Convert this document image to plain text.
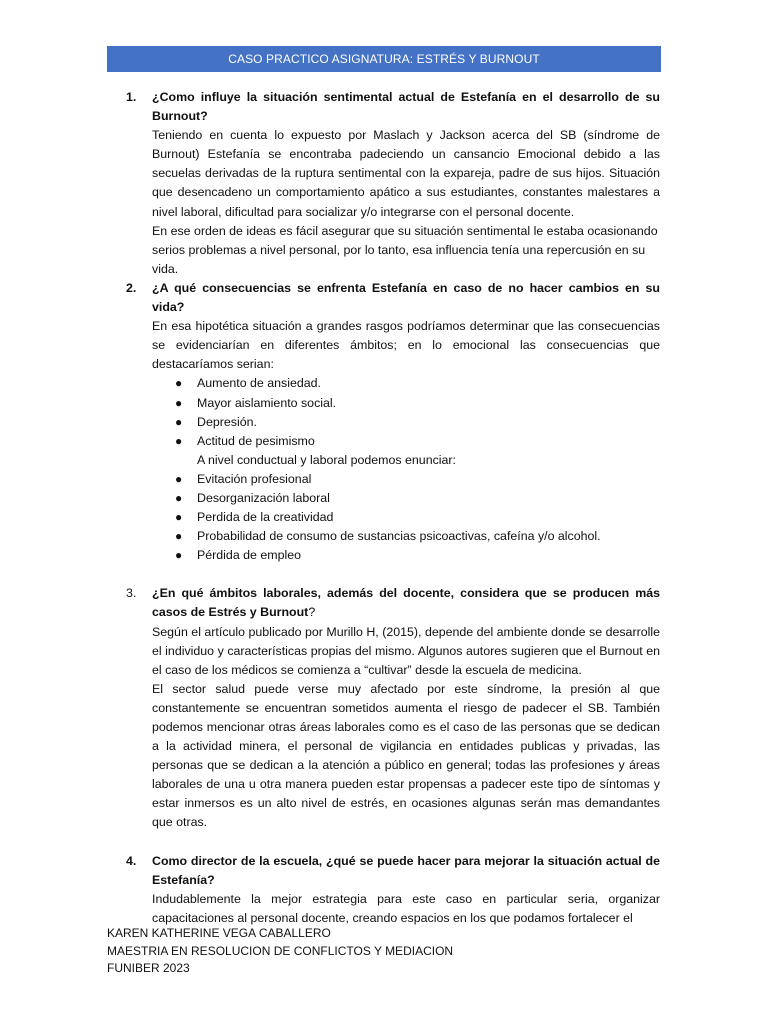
CASO PRACTICO ASIGNATURA: ESTRÉS Y BURNOUT
1. ¿Como influye la situación sentimental actual de Estefanía en el desarrollo de su Burnout?
Teniendo en cuenta lo expuesto por Maslach y Jackson acerca del SB (síndrome de Burnout) Estefanía se encontraba padeciendo un cansancio Emocional debido a las secuelas derivadas de la ruptura sentimental con la expareja, padre de sus hijos. Situación que desencadeno un comportamiento apático a sus estudiantes, constantes malestares a nivel laboral, dificultad para socializar y/o integrarse con el personal docente.
En ese orden de ideas es fácil asegurar que su situación sentimental le estaba ocasionando serios problemas a nivel personal, por lo tanto, esa influencia tenía una repercusión en su vida.
2. ¿A qué consecuencias se enfrenta Estefanía en caso de no hacer cambios en su vida?
En esa hipotética situación a grandes rasgos podríamos determinar que las consecuencias se evidenciarían en diferentes ámbitos; en lo emocional las consecuencias que destacaríamos serian:
● Aumento de ansiedad.
● Mayor aislamiento social.
● Depresión.
● Actitud de pesimismo
A nivel conductual y laboral podemos enunciar:
● Evitación profesional
● Desorganización laboral
● Perdida de la creatividad
● Probabilidad de consumo de sustancias psicoactivas, cafeína y/o alcohol.
● Pérdida de empleo
3. ¿En qué ámbitos laborales, además del docente, considera que se producen más casos de Estrés y Burnout?
Según el artículo publicado por Murillo H, (2015), depende del ambiente donde se desarrolle el individuo y características propias del mismo. Algunos autores sugieren que el Burnout en el caso de los médicos se comienza a “cultivar” desde la escuela de medicina.
El sector salud puede verse muy afectado por este síndrome, la presión al que constantemente se encuentran sometidos aumenta el riesgo de padecer el SB. También podemos mencionar otras áreas laborales como es el caso de las personas que se dedican a la actividad minera, el personal de vigilancia en entidades publicas y privadas, las personas que se dedican a la atención a público en general; todas las profesiones y áreas laborales de una u otra manera pueden estar propensas a padecer este tipo de síntomas y estar inmersos es un alto nivel de estrés, en ocasiones algunas serán mas demandantes que otras.
4. Como director de la escuela, ¿qué se puede hacer para mejorar la situación actual de Estefanía?
Indudablemente la mejor estrategia para este caso en particular seria, organizar capacitaciones al personal docente, creando espacios en los que podamos fortalecer el
KAREN KATHERINE VEGA CABALLERO
MAESTRIA EN RESOLUCION DE CONFLICTOS Y MEDIACION
FUNIBER 2023
